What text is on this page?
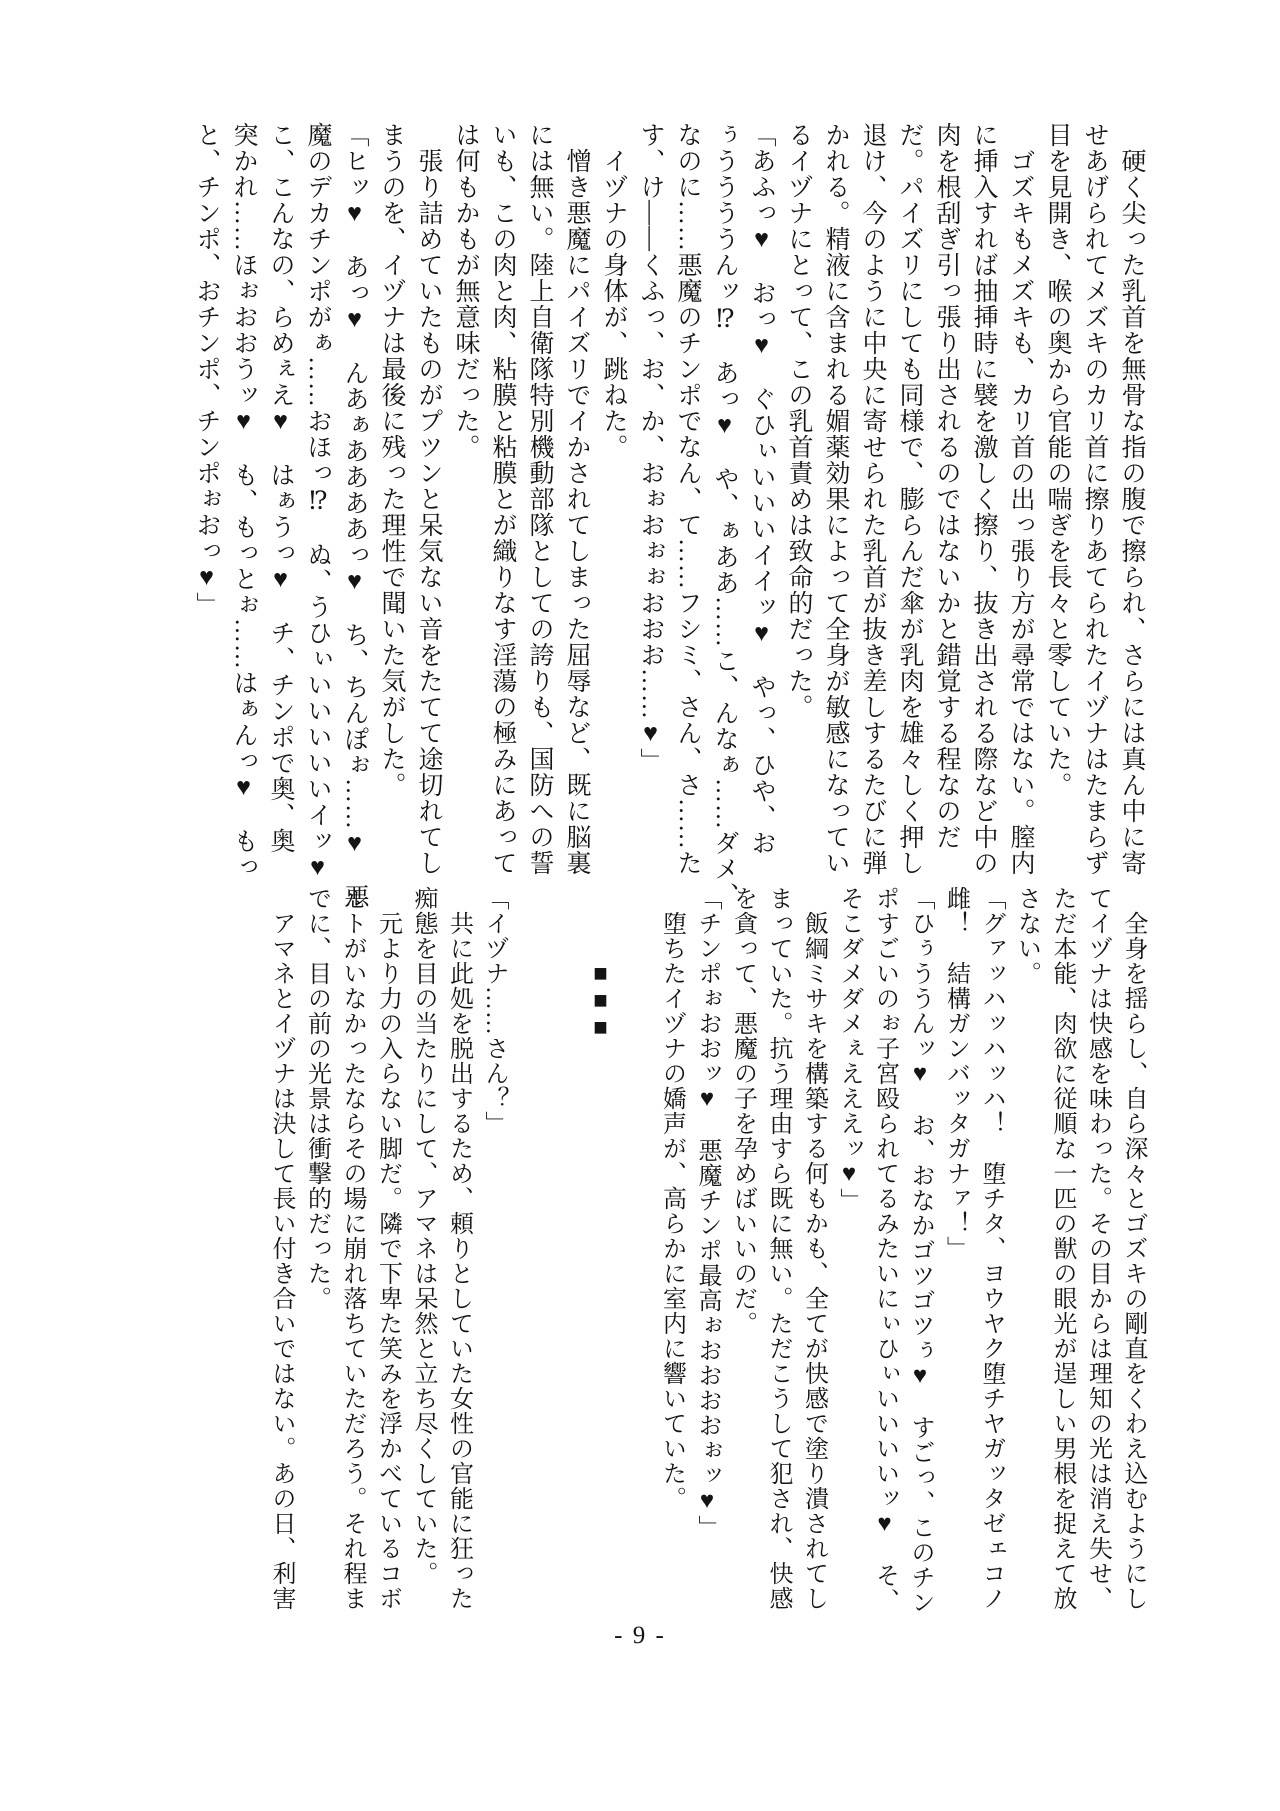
　硬く尖った乳首を無骨な指の腹で擦られ、さらには真ん中に寄
せあげられてメズキのカリ首に擦りあてられたイヅナはたまらず
目を見開き、喉の奥から官能の喘ぎを長々と零していた。
　ゴズキもメズキも、カリ首の出っ張り方が尋常ではない。膣内
に挿入すれば抽挿時に襞を激しく擦り、抜き出される際など中の
肉を根刮ぎ引っ張り出されるのではないかと錯覚する程なのだ
だ。パイズリにしても同様で、膨らんだ傘が乳肉を雄々しく押し
退け、今のように中央に寄せられた乳首が抜き差しするたびに弾
かれる。精液に含まれる媚薬効果によって全身が敏感になってい
るイヅナにとって、この乳首責めは致命的だった。
「あふっ♥　おっ♥　ぐひぃいいいイイッ♥　やっ、ひや、お
ぅううううんッ⁉　あっ♥　や、ぁああ……こ、んなぁ……ダメ、
なのに……悪魔のチンポでなん、て……フシミ、さん、さ……た
す、け――くふっ、お、か、おぉおぉぉおおお……♥」
　イヅナの身体が、跳ねた。
　憎き悪魔にパイズリでイかされてしまった屈辱など、既に脳裏
には無い。陸上自衛隊特別機動部隊としての誇りも、国防への誓
いも、この肉と肉、粘膜と粘膜とが織りなす淫蕩の極みにあって
は何もかもが無意味だった。
　張り詰めていたものがプツンと呆気ない音をたてて途切れてし
まうのを、イヅナは最後に残った理性で聞いた気がした。
「ヒッ♥　あっ♥　んあぁああああっ♥　ち、ちんぽぉ……♥　悪
魔のデカチンポがぁ……おほっ⁉　ぬ、うひぃいいいいいイッ♥
こ、こんなの、らめぇえ♥　はぁうっ♥　チ、チンポで奥、奥
突かれ……ほぉおおうッ♥　も、もっとぉ……はぁんっ♥　もっ
と、チンポ、おチンポ、チンポぉおっ♥」
　全身を揺らし、自ら深々とゴズキの剛直をくわえ込むようにし
てイヅナは快感を味わった。その目からは理知の光は消え失せ、
ただ本能、肉欲に従順な一匹の獣の眼光が逞しい男根を捉えて放
さない。
「グァッハッハッハ！　堕チタ、ヨウヤク堕チヤガッタゼェコノ
雌！　結構ガンバッタガナァ！」
「ひぅううんッ♥　お、おなかゴツゴツぅ♥　すごっ、このチン
ポすごいのぉ子宮殴られてるみたいにぃひぃいいいいッ♥　そ、
そこダメダメぇえええッ♥」
　飯綱ミサキを構築する何もかも、全てが快感で塗り潰されてし
まっていた。抗う理由すら既に無い。ただこうして犯され、快感
を貪って、悪魔の子を孕めばいいのだ。
「チンポぉおおッ♥　悪魔チンポ最高ぉおおおおぉッ♥」
　堕ちたイヅナの嬌声が、高らかに室内に響いていた。
​
　　　■■■
​
​
「イヅナ……さん？」
　共に此処を脱出するため、頼りとしていた女性の官能に狂った
痴態を目の当たりにして、アマネは呆然と立ち尽くしていた。
　元より力の入らない脚だ。隣で下卑た笑みを浮かべているコボ
ルトがいなかったならその場に崩れ落ちていただろう。それ程ま
でに、目の前の光景は衝撃的だった。
　アマネとイヅナは決して長い付き合いではない。あの日、利害
- 9 -
